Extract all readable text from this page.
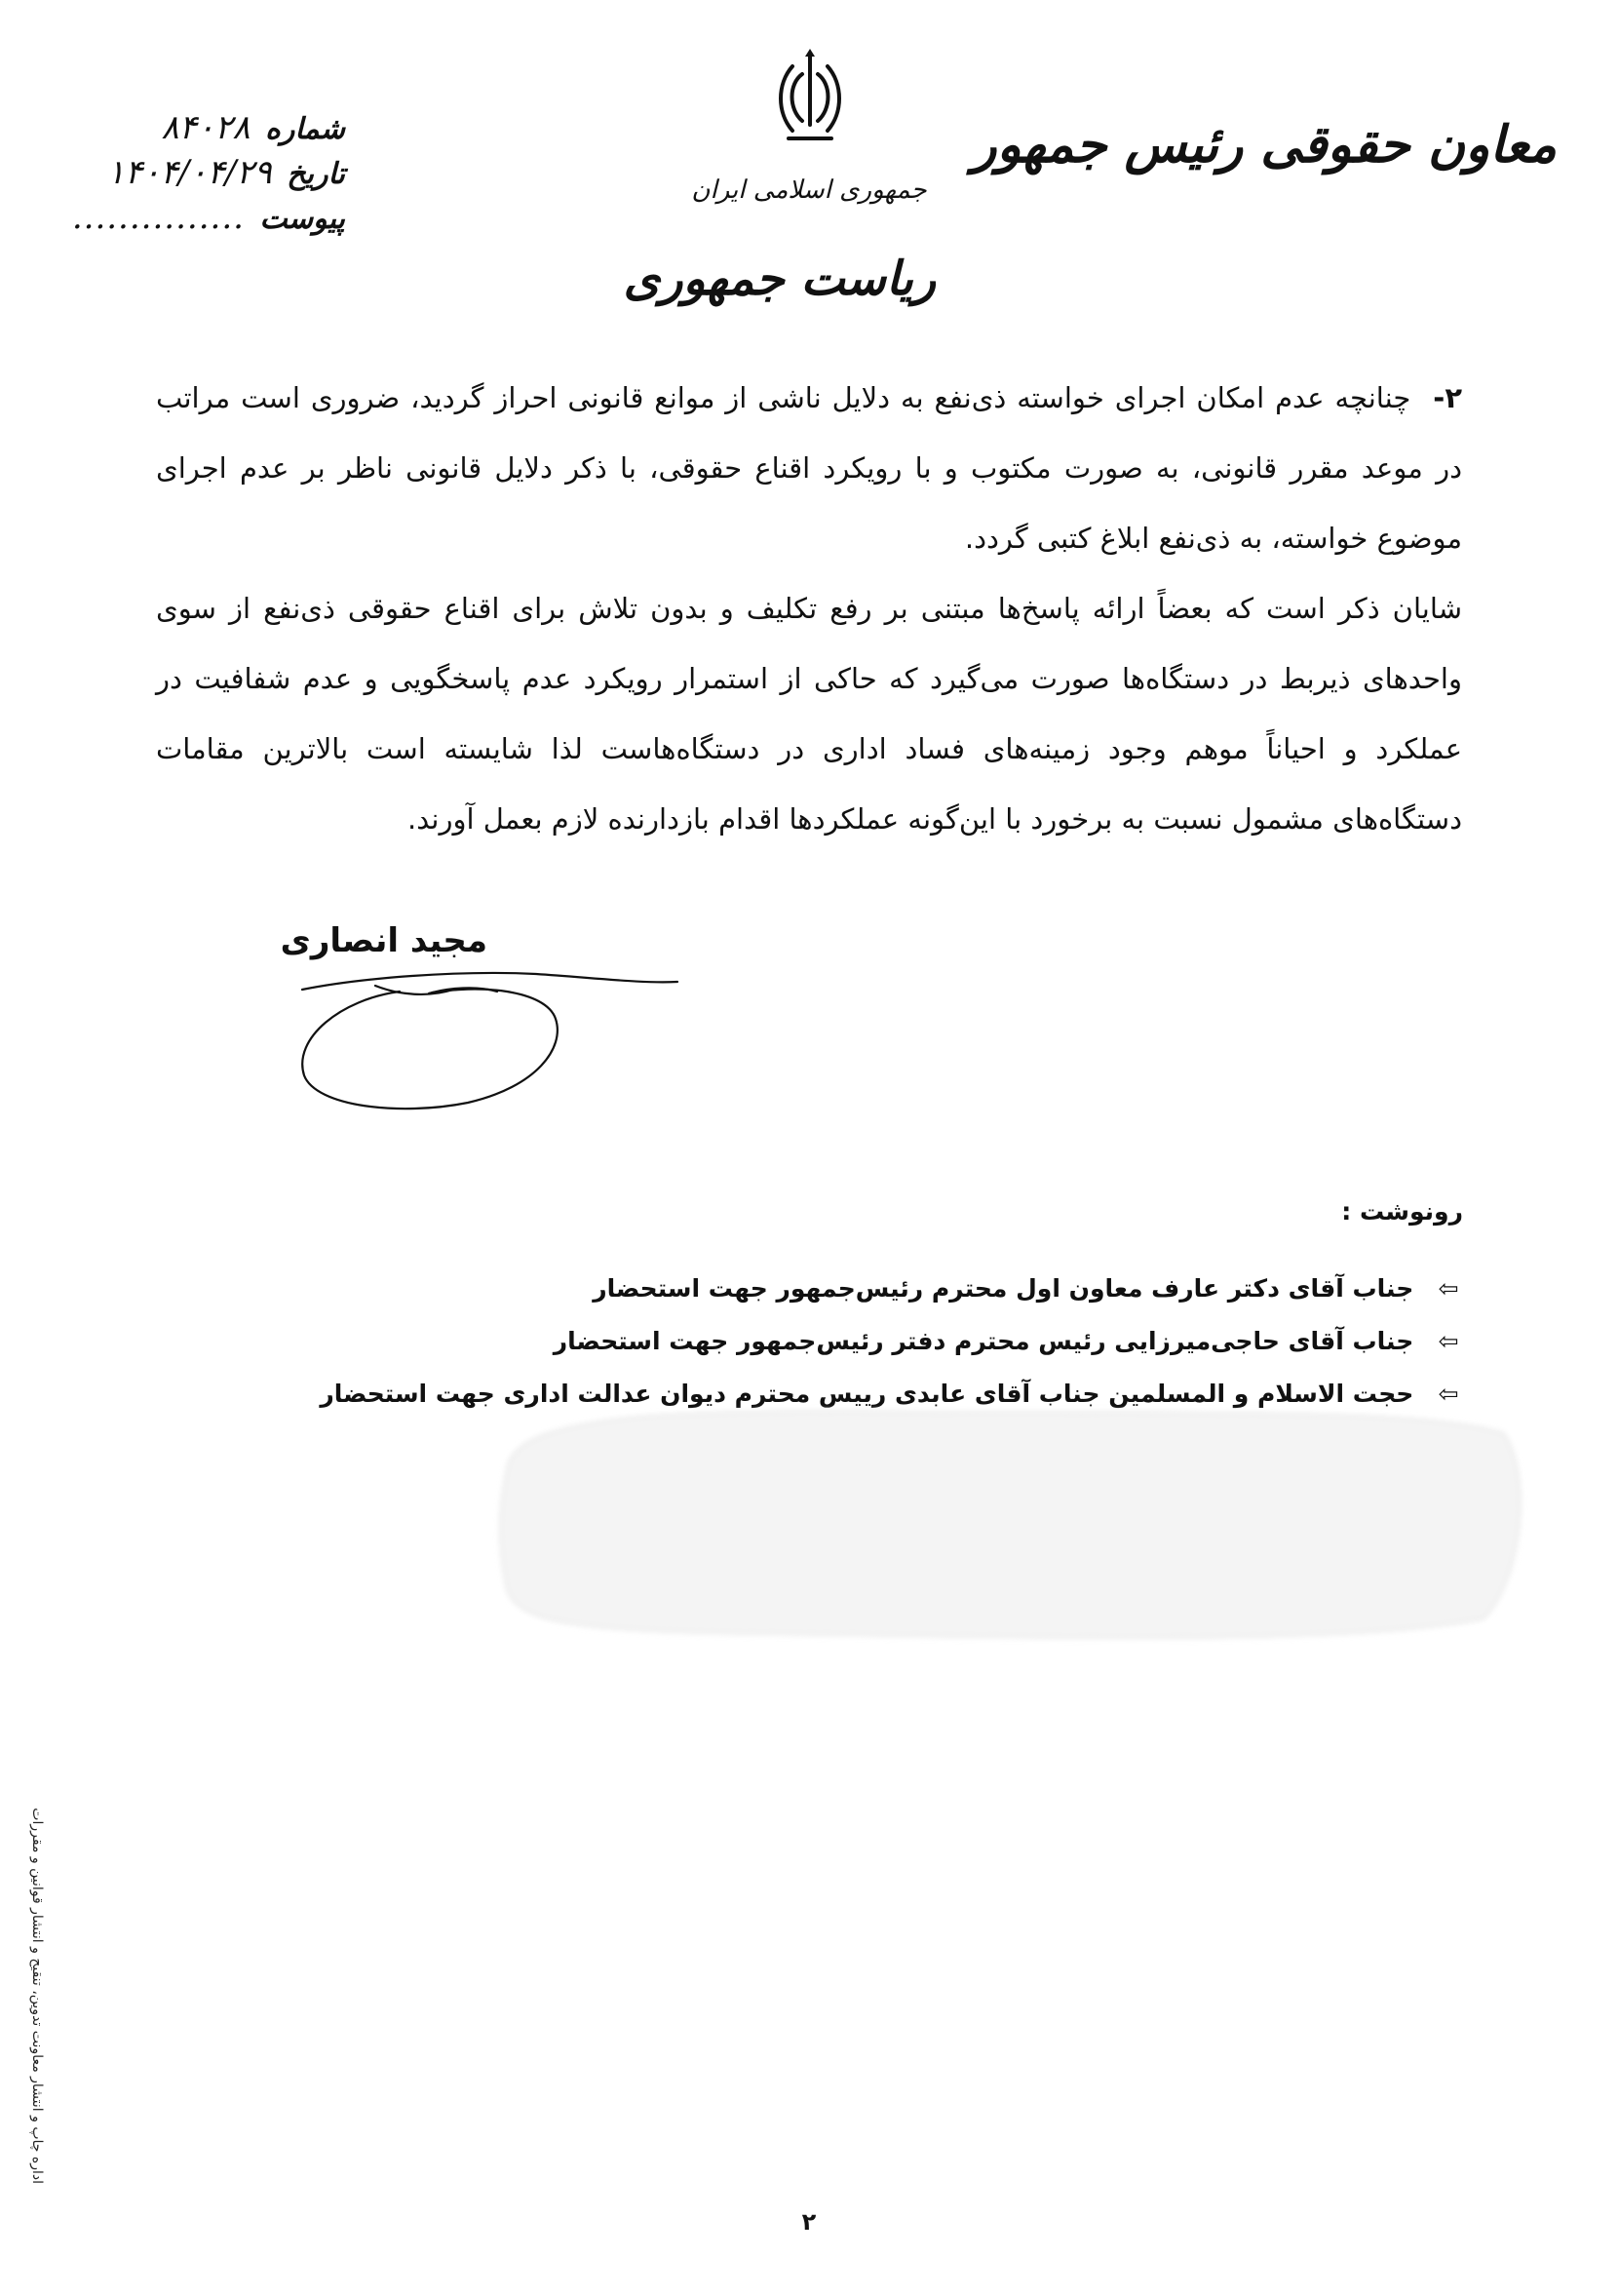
معاون حقوقی رئیس جمهور
جمهوری اسلامی ایران
ریاست جمهوری
شماره ۸۴۰۲۸
تاریخ ۱۴۰۴/۰۴/۲۹
پیوست ...............

۲- چنانچه عدم امکان اجرای خواسته ذی‌نفع به دلایل ناشی از موانع قانونی احراز گردید، ضروری است مراتب در موعد مقرر قانونی، به صورت مکتوب و با رویکرد اقناع حقوقی، با ذکر دلایل قانونی ناظر بر عدم اجرای موضوع خواسته، به ذی‌نفع ابلاغ کتبی گردد.

شایان ذکر است که بعضاً ارائه پاسخ‌ها مبتنی بر رفع تکلیف و بدون تلاش برای اقناع حقوقی ذی‌نفع از سوی واحدهای ذیربط در دستگاه‌ها صورت می‌گیرد که حاکی از استمرار رویکرد عدم پاسخگویی و عدم شفافیت در عملکرد و احیاناً موهم وجود زمینه‌های فساد اداری در دستگاه‌هاست لذا شایسته است بالاترین مقامات دستگاه‌های مشمول نسبت به برخورد با این‌گونه عملکردها اقدام بازدارنده لازم بعمل آورند.

مجید انصاری
رونوشت :
⇦ جناب آقای دکتر عارف معاون اول محترم رئیس‌جمهور جهت استحضار
⇦ جناب آقای حاجی‌میرزایی رئیس محترم دفتر رئیس‌جمهور جهت استحضار
⇦ حجت الاسلام و المسلمین جناب آقای عابدی رییس محترم دیوان عدالت اداری جهت استحضار
اداره چاپ و انتشار معاونت تدوین، تنقیح و انتشار قوانین و مقررات
۲
